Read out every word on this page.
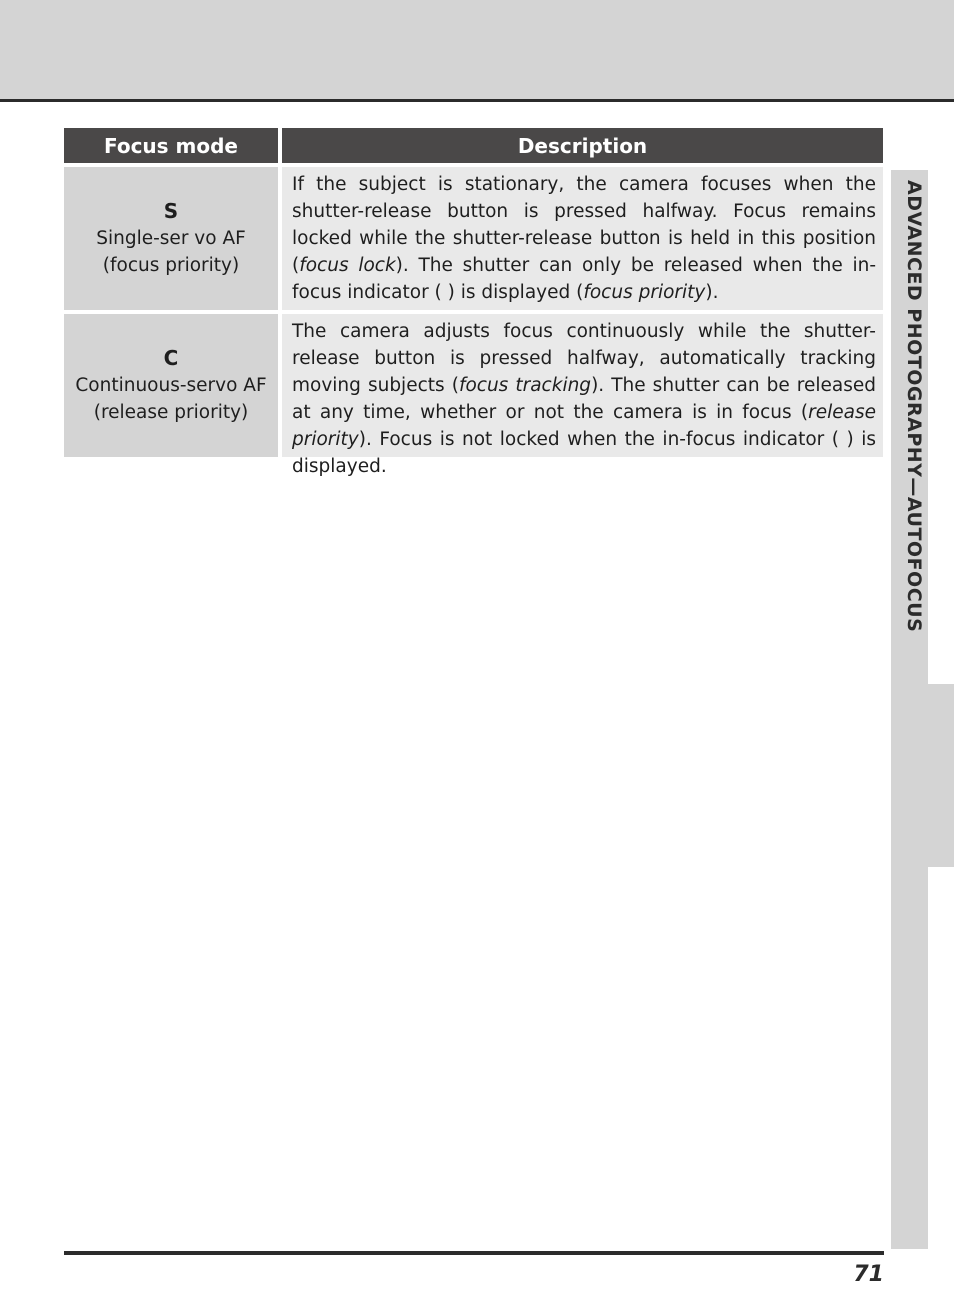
Focus mode	Description
S
Single-ser vo AF
(focus priority)
If the subject is stationary, the camera focuses when the shutter-release button is pressed halfway. Focus remains locked while the shutter-release button is held in this position (focus lock). The shutter can only be released when the in-focus indicator ( ) is displayed (focus priority).
C
Continuous-servo AF
(release priority)
The camera adjusts focus continuously while the shutter-release button is pressed halfway, automatically tracking moving subjects (focus tracking). The shutter can be released at any time, whether or not the camera is in focus (release priority). Focus is not locked when the in-focus indicator ( ) is displayed.	ADVANCED PHOTOGRAPHY—AUTOFOCUS
71
